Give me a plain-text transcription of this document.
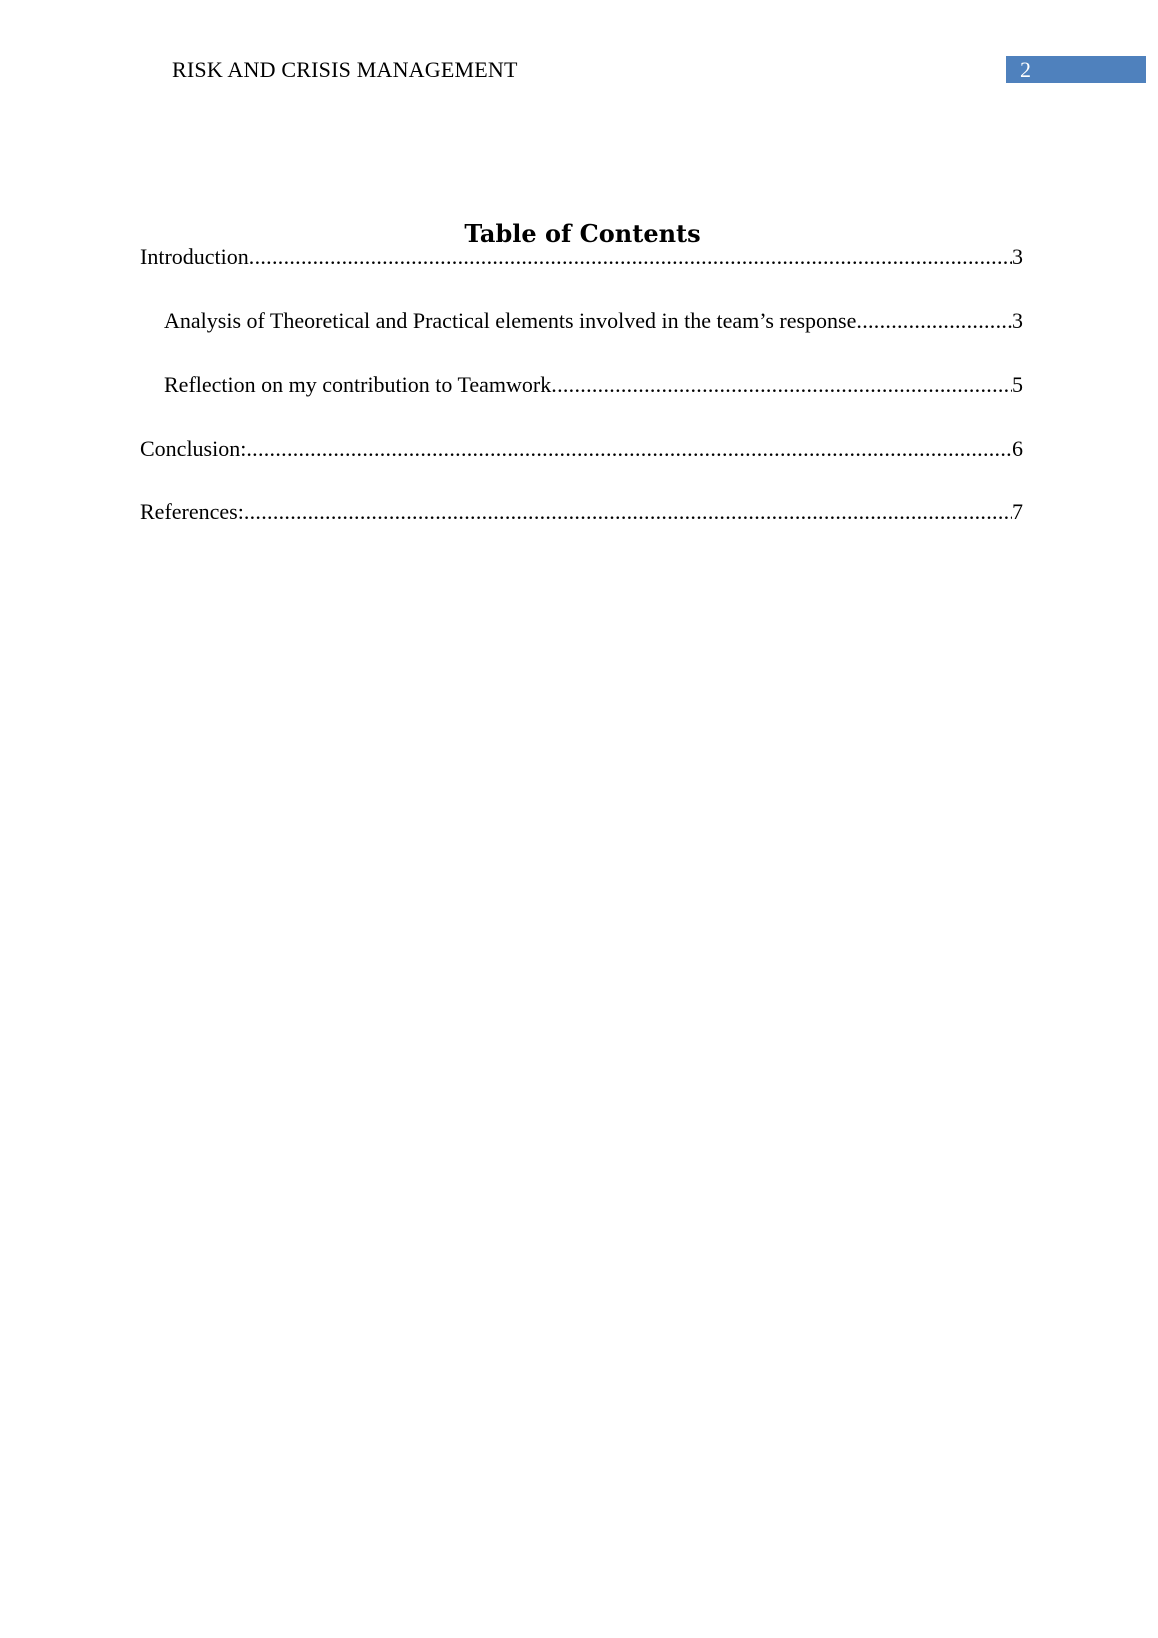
RISK AND CRISIS MANAGEMENT	2
Table of Contents
Introduction .....	3
Analysis of Theoretical and Practical elements involved in the team’s response .....	3
Reflection on my contribution to Teamwork .....	5
Conclusion: .....	6
References: .....	7
